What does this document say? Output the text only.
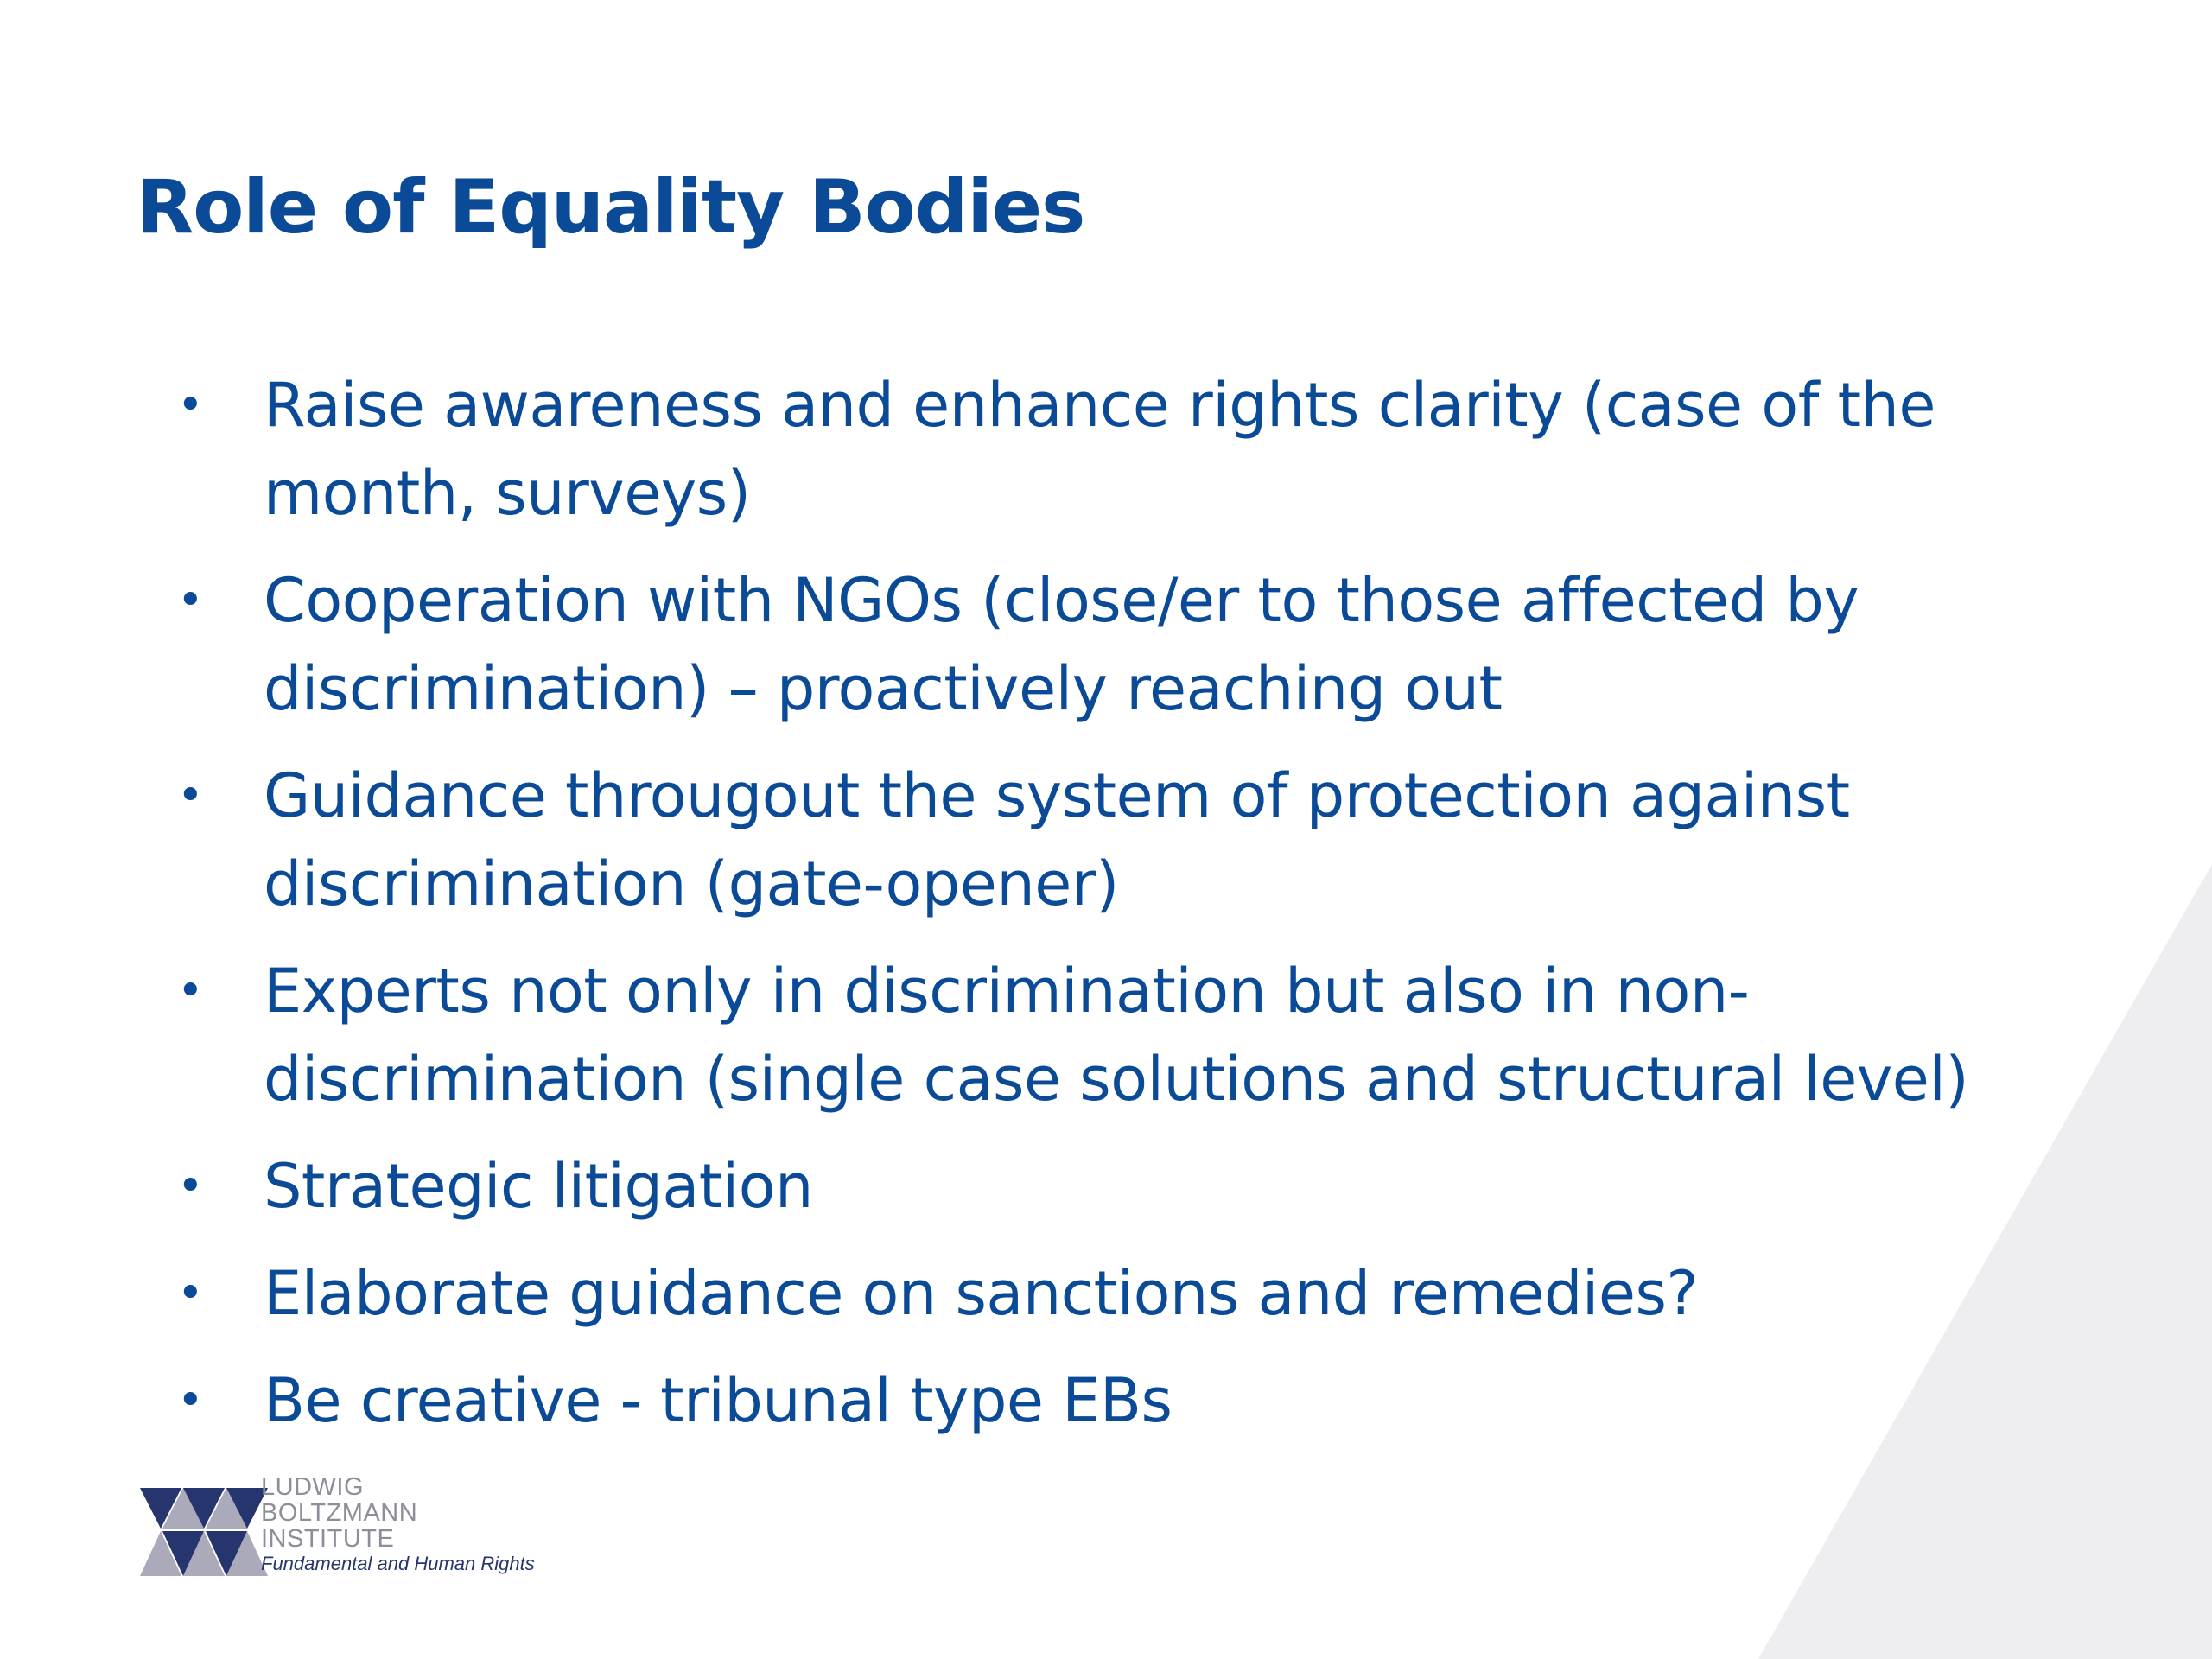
Role of Equality Bodies
• Raise awareness and enhance rights clarity (case of the month, surveys)
• Cooperation with NGOs (close/er to those affected by discrimination) – proactively reaching out
• Guidance througout the system of protection against discrimination (gate-opener)
• Experts not only in discrimination but also in non-discrimination (single case solutions and structural level)
• Strategic litigation
• Elaborate guidance on sanctions and remedies?
• Be creative - tribunal type EBs
LUDWIG
BOLTZMANN
INSTITUTE
Fundamental and Human Rights
